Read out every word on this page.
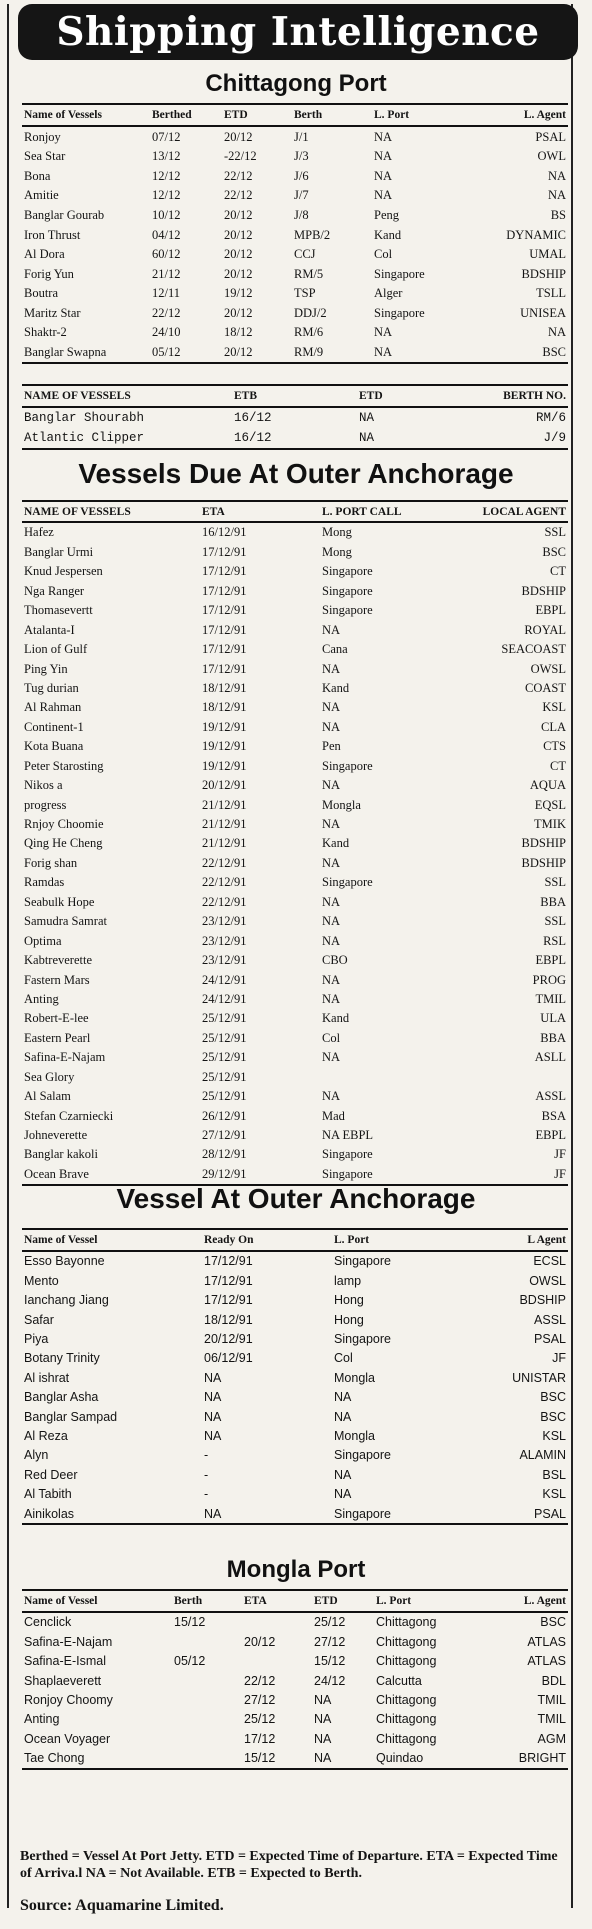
Shipping Intelligence
Chittagong Port
Name of Vessels	Berthed	ETD	Berth	L. Port	L. Agent
Ronjoy	07/12	20/12	J/1	NA	PSAL
Sea Star	13/12	-22/12	J/3	NA	OWL
Bona	12/12	22/12	J/6	NA	NA
Amitie	12/12	22/12	J/7	NA	NA
Banglar Gourab	10/12	20/12	J/8	Peng	BS
Iron Thrust	04/12	20/12	MPB/2	Kand	DYNAMIC
Al Dora	60/12	20/12	CCJ	Col	UMAL
Forig Yun	21/12	20/12	RM/5	Singapore	BDSHIP
Boutra	12/11	19/12	TSP	Alger	TSLL
Maritz Star	22/12	20/12	DDJ/2	Singapore	UNISEA
Shaktr-2	24/10	18/12	RM/6	NA	NA
Banglar Swapna	05/12	20/12	RM/9	NA	BSC
NAME OF VESSELS	ETB	ETD	BERTH NO.
Banglar Shourabh	16/12	NA	RM/6
Atlantic Clipper	16/12	NA	J/9
Vessels Due At Outer Anchorage
NAME OF VESSELS	ETA	L. PORT CALL	LOCAL AGENT
Hafez	16/12/91	Mong	SSL
Banglar Urmi	17/12/91	Mong	BSC
Knud Jespersen	17/12/91	Singapore	CT
Nga Ranger	17/12/91	Singapore	BDSHIP
Thomasevertt	17/12/91	Singapore	EBPL
Atalanta-I	17/12/91	NA	ROYAL
Lion of Gulf	17/12/91	Cana	SEACOAST
Ping Yin	17/12/91	NA	OWSL
Tug durian	18/12/91	Kand	COAST
Al Rahman	18/12/91	NA	KSL
Continent-1	19/12/91	NA	CLA
Kota Buana	19/12/91	Pen	CTS
Peter Starosting	19/12/91	Singapore	CT
Nikos a	20/12/91	NA	AQUA
progress	21/12/91	Mongla	EQSL
Rnjoy Choomie	21/12/91	NA	TMIK
Qing He Cheng	21/12/91	Kand	BDSHIP
Forig shan	22/12/91	NA	BDSHIP
Ramdas	22/12/91	Singapore	SSL
Seabulk Hope	22/12/91	NA	BBA
Samudra Samrat	23/12/91	NA	SSL
Optima	23/12/91	NA	RSL
Kabtreverette	23/12/91	CBO	EBPL
Fastern Mars	24/12/91	NA	PROG
Anting	24/12/91	NA	TMIL
Robert-E-lee	25/12/91	Kand	ULA
Eastern Pearl	25/12/91	Col	BBA
Safina-E-Najam	25/12/91	NA	ASLL
Sea Glory	25/12/91		
Al Salam	25/12/91	NA	ASSL
Stefan Czarniecki	26/12/91	Mad	BSA
Johneverette	27/12/91	NA EBPL	EBPL
Banglar kakoli	28/12/91	Singapore	JF
Ocean Brave	29/12/91	Singapore	JF
Vessel At Outer Anchorage
Name of Vessel	Ready On	L. Port	L Agent
Esso Bayonne	17/12/91	Singapore	ECSL
Mento	17/12/91	lamp	OWSL
Ianchang Jiang	17/12/91	Hong	BDSHIP
Safar	18/12/91	Hong	ASSL
Piya	20/12/91	Singapore	PSAL
Botany Trinity	06/12/91	Col	JF
Al ishrat	NA	Mongla	UNISTAR
Banglar Asha	NA	NA	BSC
Banglar Sampad	NA	NA	BSC
Al Reza	NA	Mongla	KSL
Alyn	-	Singapore	ALAMIN
Red Deer	-	NA	BSL
Al Tabith	-	NA	KSL
Ainikolas	NA	Singapore	PSAL
Mongla Port
Name of Vessel	Berth	ETA	ETD	L. Port	L. Agent
Cenclick	15/12		25/12	Chittagong	BSC
Safina-E-Najam		20/12	27/12	Chittagong	ATLAS
Safina-E-Ismal	05/12		15/12	Chittagong	ATLAS
Shaplaeverett		22/12	24/12	Calcutta	BDL
Ronjoy Choomy		27/12	NA	Chittagong	TMIL
Anting		25/12	NA	Chittagong	TMIL
Ocean Voyager		17/12	NA	Chittagong	AGM
Tae Chong		15/12	NA	Quindao	BRIGHT
Berthed = Vessel At Port Jetty. ETD = Expected Time of Departure. ETA = Expected Time of Arriva.l NA = Not Available. ETB = Expected to Berth.
Source: Aquamarine Limited.
